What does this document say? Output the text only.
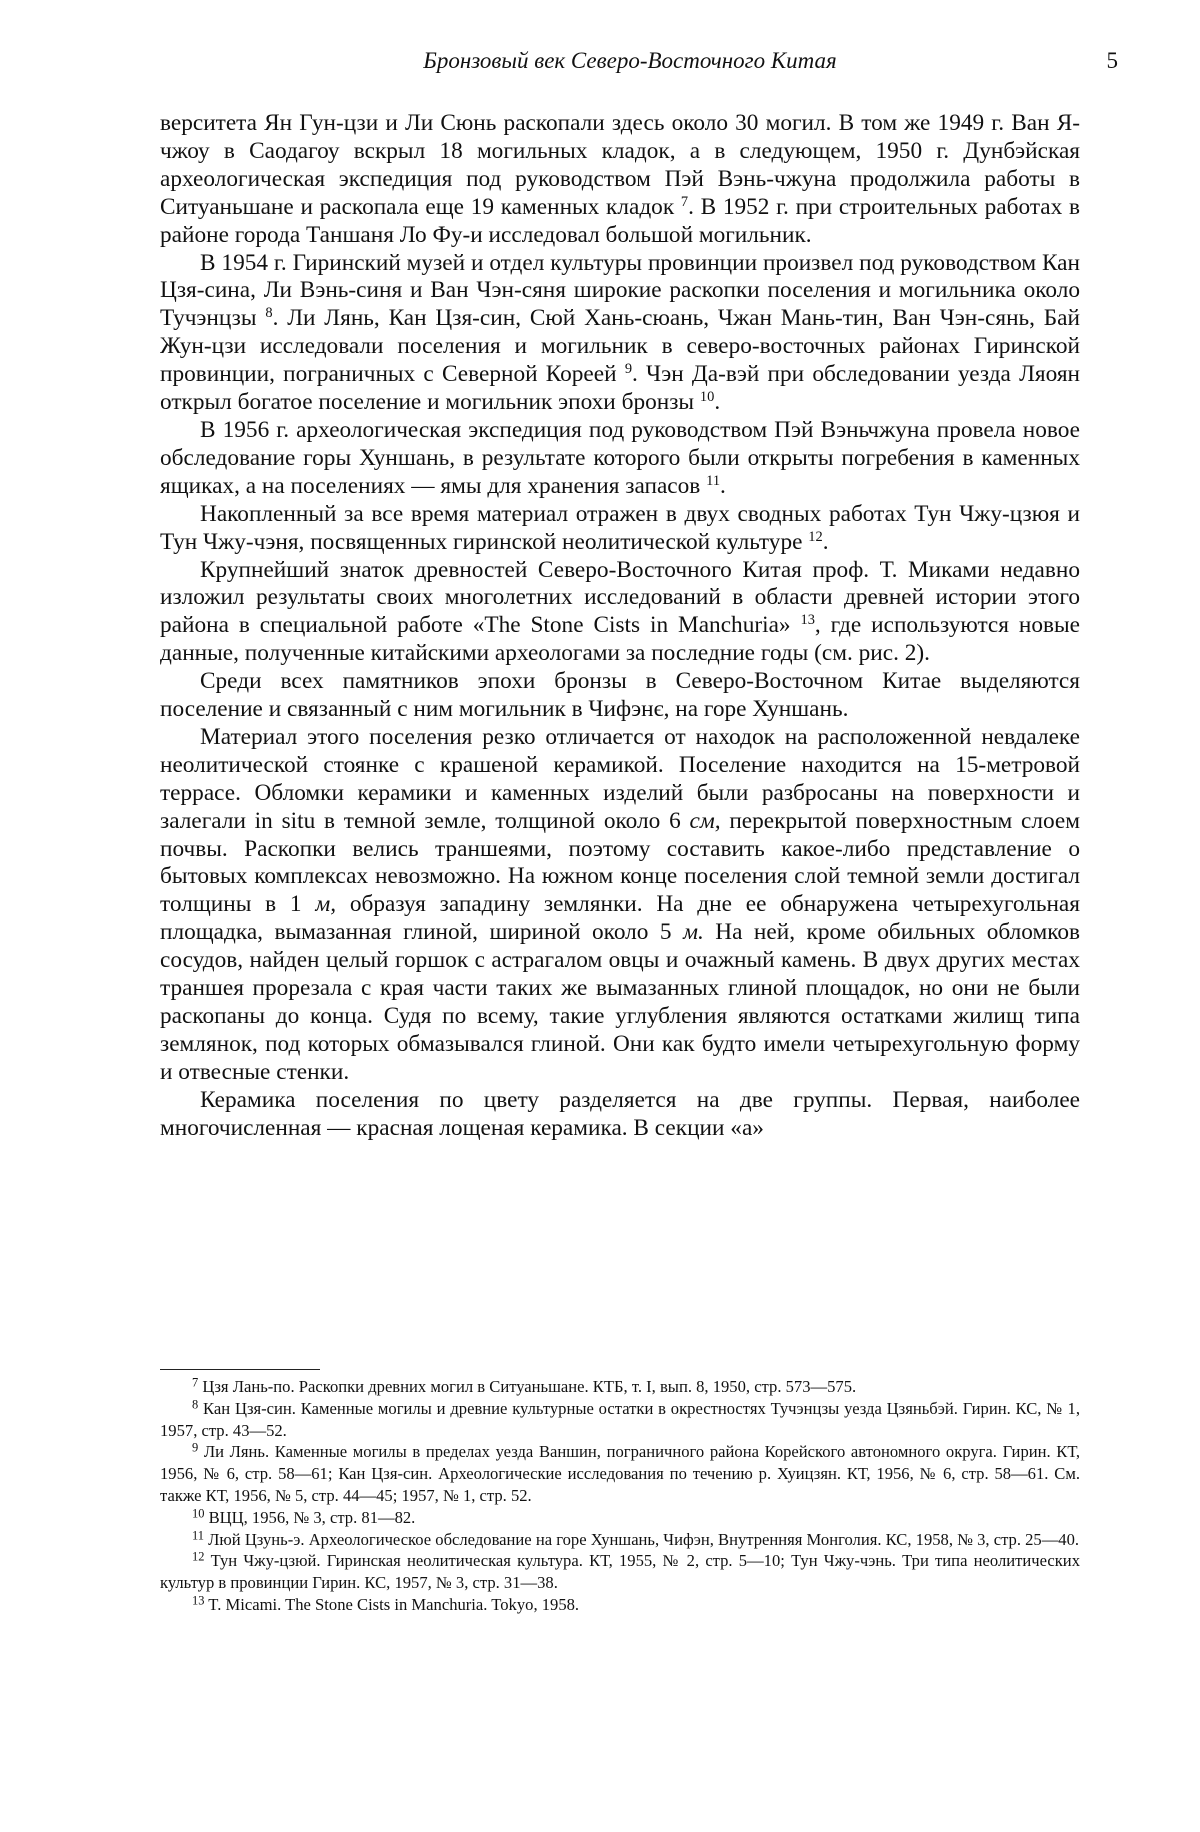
Бронзовый век Северо-Восточного Китая	5

верситета Ян Гун-цзи и Ли Сюнь раскопали здесь около 30 могил. В том же 1949 г. Ван Я-чжоу в Саодагоу вскрыл 18 могильных кладок, а в следующем, 1950 г. Дунбэйская археологическая экспедиция под руководством Пэй Вэнь-чжуна продолжила работы в Ситуаньшане и раскопала еще 19 каменных кладок $^7$. В 1952 г. при строительных работах в районе города Таншаня Ло Фу-и исследовал большой могильник.

В 1954 г. Гиринский музей и отдел культуры провинции произвел под руководством Кан Цзя-сина, Ли Вэнь-синя и Ван Чэн-сяня широкие раскопки поселения и могильника около Тучэнцзы $^8$. Ли Лянь, Кан Цзя-син, Сюй Хань-сюань, Чжан Мань-тин, Ван Чэн-сянь, Бай Жун-цзи исследовали поселения и могильник в северо-восточных районах Гиринской провинции, пограничных с Северной Кореей $^9$. Чэн Да-вэй при обследовании уезда Ляоян открыл богатое поселение и могильник эпохи бронзы $^{10}$.

В 1956 г. археологическая экспедиция под руководством Пэй Вэньчжуна провела новое обследование горы Хуншань, в результате которого были открыты погребения в каменных ящиках, а на поселениях — ямы для хранения запасов $^{11}$.

Накопленный за все время материал отражен в двух сводных работах Тун Чжу-цзюя и Тун Чжу-чэня, посвященных гиринской неолитической культуре $^{12}$.

Крупнейший знаток древностей Северо-Восточного Китая проф. Т. Миками недавно изложил результаты своих многолетних исследований в области древней истории этого района в специальной работе «The Stone Cists in Manchuria» $^{13}$, где используются новые данные, полученные китайскими археологами за последние годы (см. рис. 2).

Среди всех памятников эпохи бронзы в Северо-Восточном Китае выделяются поселение и связанный с ним могильник в Чифэнє, на горе Хуншань.

Материал этого поселения резко отличается от находок на расположенной невдалеке неолитической стоянке с крашеной керамикой. Поселение находится на 15-метровой террасе. Обломки керамики и каменных изделий были разбросаны на поверхности и залегали in situ в темной земле, толщиной около 6 см, перекрытой поверхностным слоем почвы. Раскопки велись траншеями, поэтому составить какое-либо представление о бытовых комплексах невозможно. На южном конце поселения слой темной земли достигал толщины в 1 м, образуя западину землянки. На дне ее обнаружена четырехугольная площадка, вымазанная глиной, шириной около 5 м. На ней, кроме обильных обломков сосудов, найден целый горшок с астрагалом овцы и очажный камень. В двух других местах траншея прорезала с края части таких же вымазанных глиной площадок, но они не были раскопаны до конца. Судя по всему, такие углубления являются остатками жилищ типа землянок, под которых обмазывался глиной. Они как будто имели четырехугольную форму и отвесные стенки.

Керамика поселения по цвету разделяется на две группы. Первая, наиболее многочисленная — красная лощеная керамика. В секции «а»

$^7$ Цзя Лань-по. Раскопки древних могил в Ситуаньшане. КТБ, т. I, вып. 8, 1950, стр. 573—575.

$^8$ Кан Цзя-син. Каменные могилы и древние культурные остатки в окрестностях Тучэнцзы уезда Цзяньбэй. Гирин. КС, № 1, 1957, стр. 43—52.

$^9$ Ли Лянь. Каменные могилы в пределах уезда Ваншин, пограничного района Корейского автономного округа. Гирин. КТ, 1956, № 6, стр. 58—61; Кан Цзя-син. Археологические исследования по течению р. Хуицзян. КТ, 1956, № 6, стр. 58—61. См. также КТ, 1956, № 5, стр. 44—45; 1957, № 1, стр. 52.

$^{10}$ ВЦЦ, 1956, № 3, стр. 81—82.

$^{11}$ Люй Цзунь-э. Археологическое обследование на горе Хуншань, Чифэн, Внутренняя Монголия. КС, 1958, № 3, стр. 25—40.

$^{12}$ Тун Чжу-цзюй. Гиринская неолитическая культура. КТ, 1955, № 2, стр. 5—10; Тун Чжу-чэнь. Три типа неолитических культур в провинции Гирин. КС, 1957, № 3, стр. 31—38.

$^{13}$ T. Micami. The Stone Cists in Manchuria. Tokyo, 1958.
